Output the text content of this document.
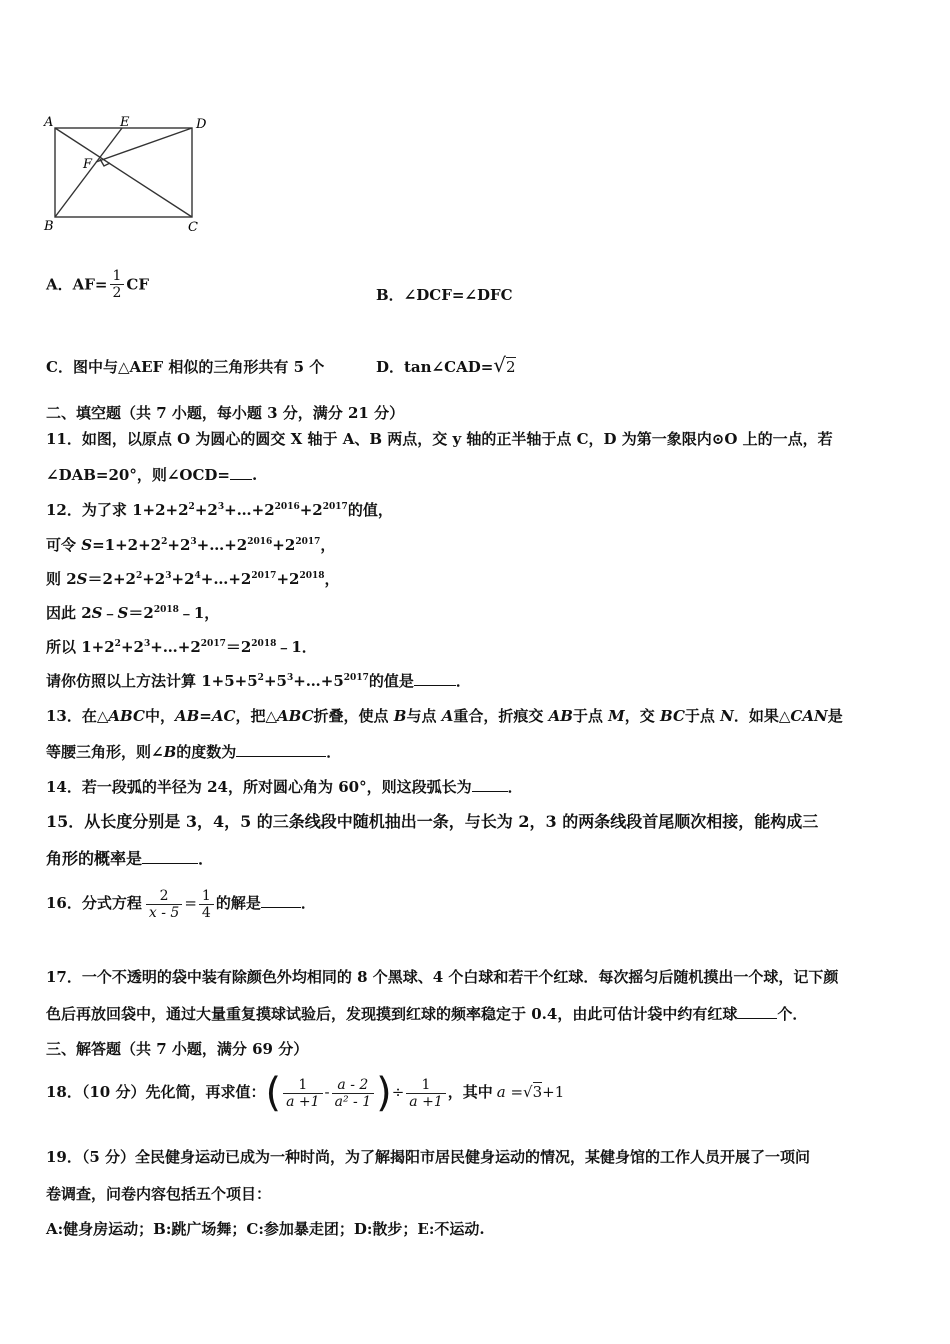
A	E	D
F
B	C
A．$AF= \frac{1}{2}$ CF
B．∠DCF=∠DFC
C．图中与△AEF 相似的三角形共有 5 个	D．tan∠CAD=√2
二、填空题（共 7 小题，每小题 3 分，满分 21 分）
11．如图，以原点 O 为圆心的圆交 X 轴于 A、B 两点，交 y 轴的正半轴于点 C，D 为第一象限内⊙O 上的一点，若
∠DAB=20°，则∠OCD= .
12．为了求 $1+2+2^2+2^3+\dots+2^{2016}+2^{2017}$的值，
可令 $S=1+2+2^2+2^3+\dots+2^{2016}+2^{2017}$，
则 $2S=2+2^2+2^3+2^4+\dots+2^{2017}+2^{2018}$，
因此 $2S﹣S=2^{2018}﹣1$，
所以 $1+2^2+2^3+\dots+2^{2017}=2^{2018}﹣1$．
请你仿照以上方法计算 $1+5+5^2+5^3+\dots+5^{2017}$的值是	．
13．在△ABC中，AB=AC，把△ABC折叠，使点 B与点 A重合，折痕交 AB于点 M，交 BC于点 N．如果△CAN是
等腰三角形，则∠B的度数为	．
14．若一段弧的半径为 24，所对圆心角为 60°，则这段弧长为 ．
15．从长度分别是 3，4，5 的三条线段中随机抽出一条，与长为 2，3 的两条线段首尾顺次相接，能构成三
角形的概率是	．
16．分式方程 $\frac{2}{x - 5} = \frac{1}{4}$ 的解是	．
17．一个不透明的袋中装有除颜色外均相同的 8 个黑球、4 个白球和若干个红球．每次摇匀后随机摸出一个球，记下颜
色后再放回袋中，通过大量重复摸球试验后，发现摸到红球的频率稳定于 0.4，由此可估计袋中约有红球	个．
三、解答题（共 7 小题，满分 69 分）
18．（10 分）先化简，再求值：( $\frac{1}{a +1} - \frac{a - 2}{\text{a² - 1}}$ )÷ $\frac{1}{a +1}$ ，其中 a =√3+1
19．（5 分）全民健身运动已成为一种时尚，为了解揭阳市居民健身运动的情况，某健身馆的工作人员开展了一项问
卷调查，问卷内容包括五个项目：
A:健身房运动；B:跳广场舞；C:参加暴走团；D:散步；E:不运动.
